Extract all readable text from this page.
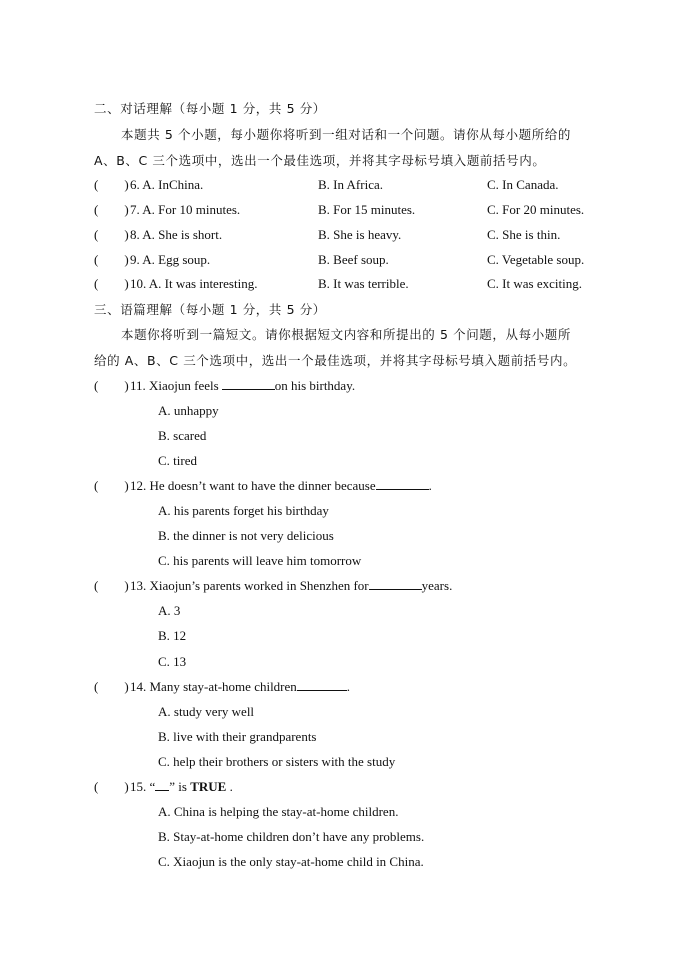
二、对话理解（每小题 1 分，共 5 分）
本题共 5 个小题，每小题你将听到一组对话和一个问题。请你从每小题所给的
A、B、C 三个选项中，选出一个最佳选项，并将其字母标号填入题前括号内。
(　　) 6. A. InChina.	B. In Africa.	C. In Canada.
(　　) 7. A. For 10 minutes.	B. For 15 minutes.	C. For 20 minutes.
(　　) 8. A. She is short.	B. She is heavy.	C. She is thin.
(　　) 9. A. Egg soup.	B. Beef soup.	C. Vegetable soup.
(　　) 10. A. It was interesting.	B. It was terrible.	C. It was exciting.
三、语篇理解（每小题 1 分，共 5 分）
本题你将听到一篇短文。请你根据短文内容和所提出的 5 个问题，从每小题所
给的 A、B、C 三个选项中，选出一个最佳选项，并将其字母标号填入题前括号内。
(　　) 11. Xiaojun feels	on his birthday.
A. unhappy
B. scared
C. tired
(　　) 12. He doesn’t want to have the dinner because	.
A. his parents forget his birthday
B. the dinner is not very delicious
C. his parents will leave him tomorrow
(　　) 13. Xiaojun’s parents worked in Shenzhen for	years.
A. 3
B. 12
C. 13
(　　) 14. Many stay-at-home children	.
A. study very well
B. live with their grandparents
C. help their brothers or sisters with the study
(　　) 15. “ ” is TRUE .
A. China is helping the stay-at-home children.
B. Stay-at-home children don’t have any problems.
C. Xiaojun is the only stay-at-home child in China.
